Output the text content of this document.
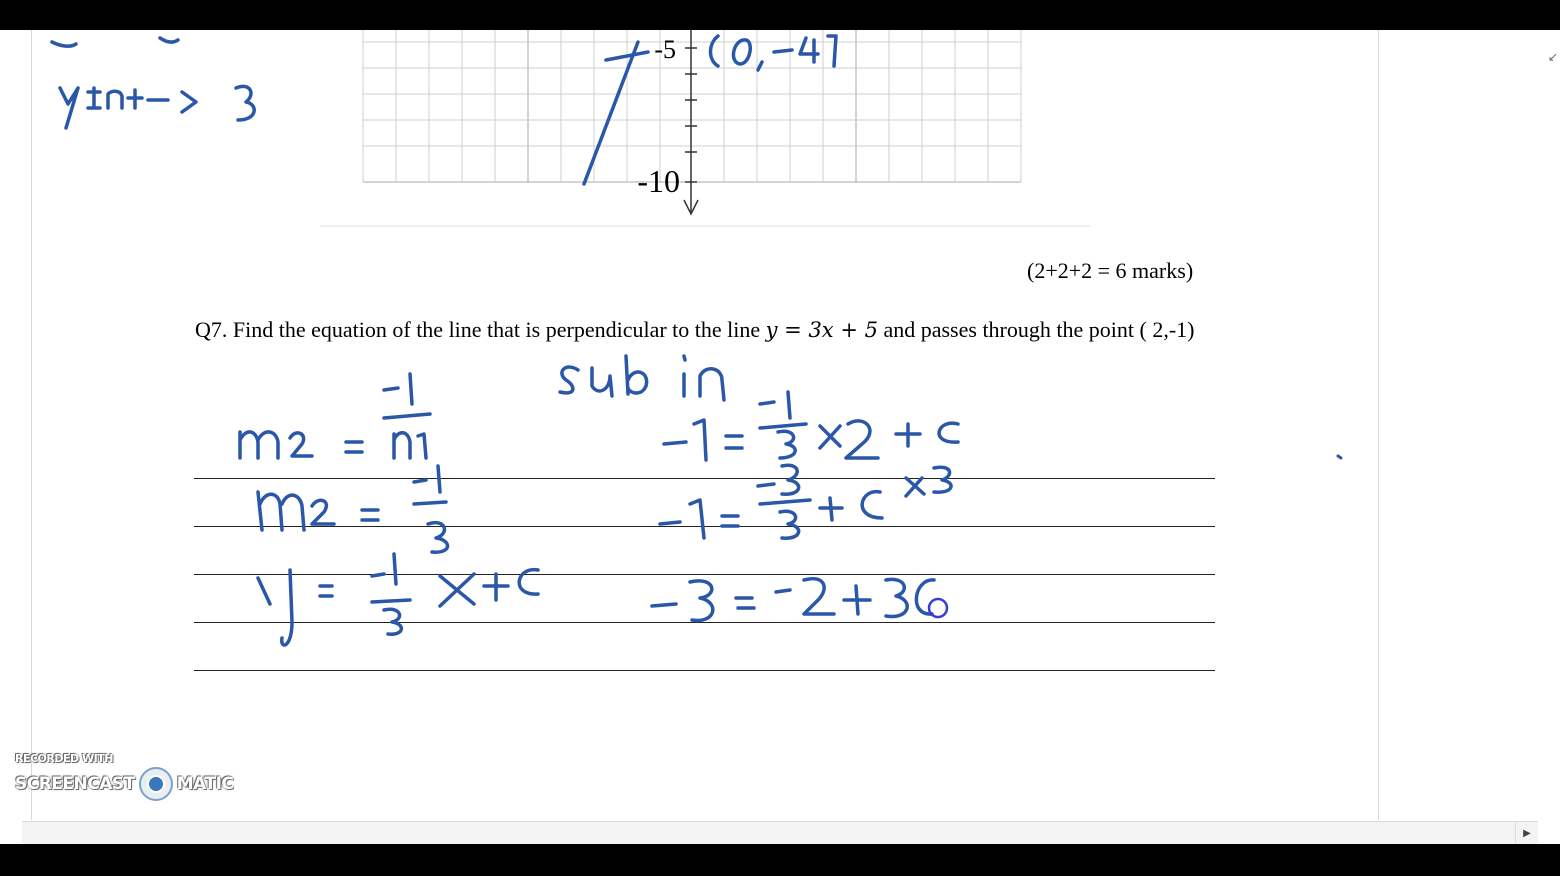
↙
-5
-10
(2+2+2 = 6 marks)
Q7. Find the equation of the line that is perpendicular to the line y = 3x + 5 and passes through the point ( 2,-1)
▶
RECORDED WITH
SCREENCAST MATIC
